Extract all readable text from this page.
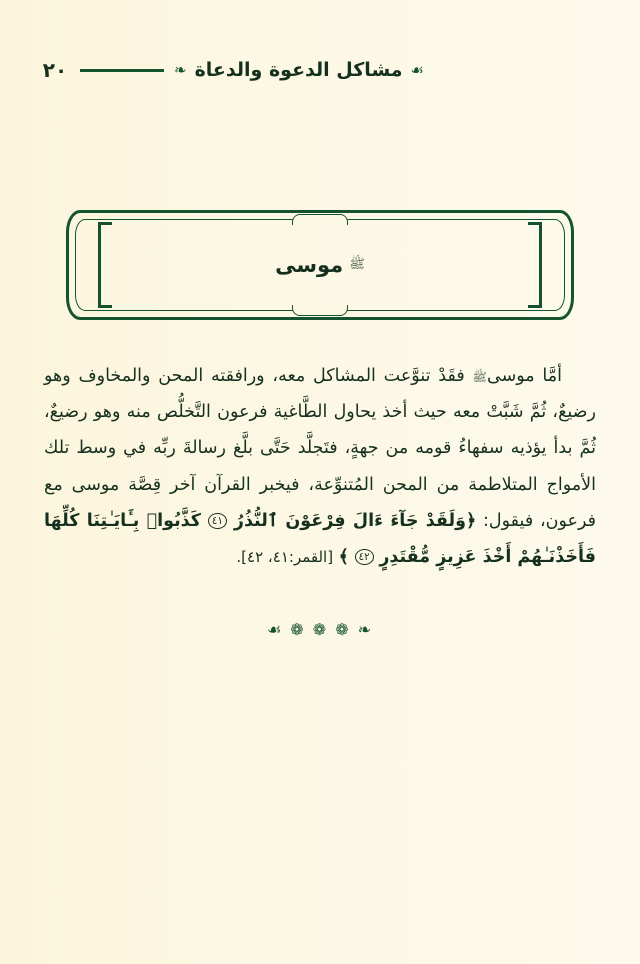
٢٠	❧ مشاكل الدعوة والدعاة ☙
موسى ﷺ

أمَّا موسىﷺ فقَدْ تنوَّعت المشاكل معه، ورافقته المحن والمخاوف وهو رضيعٌ، ثُمَّ شَبَّتْ معه حيث أخذ يحاول الطَّاغية فرعون التَّخلُّص منه وهو رضيعٌ، ثُمَّ بدأ يؤذيه سفهاءُ قومه من جهةٍ، فتَجلَّد حَتَّى بلَّغ رسالةَ ربِّه في وسط تلك الأمواج المتلاطمة من المحن المُتنوِّعة، فيخبر القرآن آخر قِصَّة موسى مع فرعون، فيقول: ﴿وَلَقَدْ جَآءَ ءَالَ فِرْعَوْنَ ٱلنُّذُرُ ٤١ كَذَّبُوا۟ بِـَٔايَـٰتِنَا كُلِّهَا فَأَخَذْنَـٰهُمْ أَخْذَ عَزِيزٍ مُّقْتَدِرٍ ٤٢ ﴾ [القمر:٤١، ٤٢].

❧ ❁ ❁ ❁ ☙
